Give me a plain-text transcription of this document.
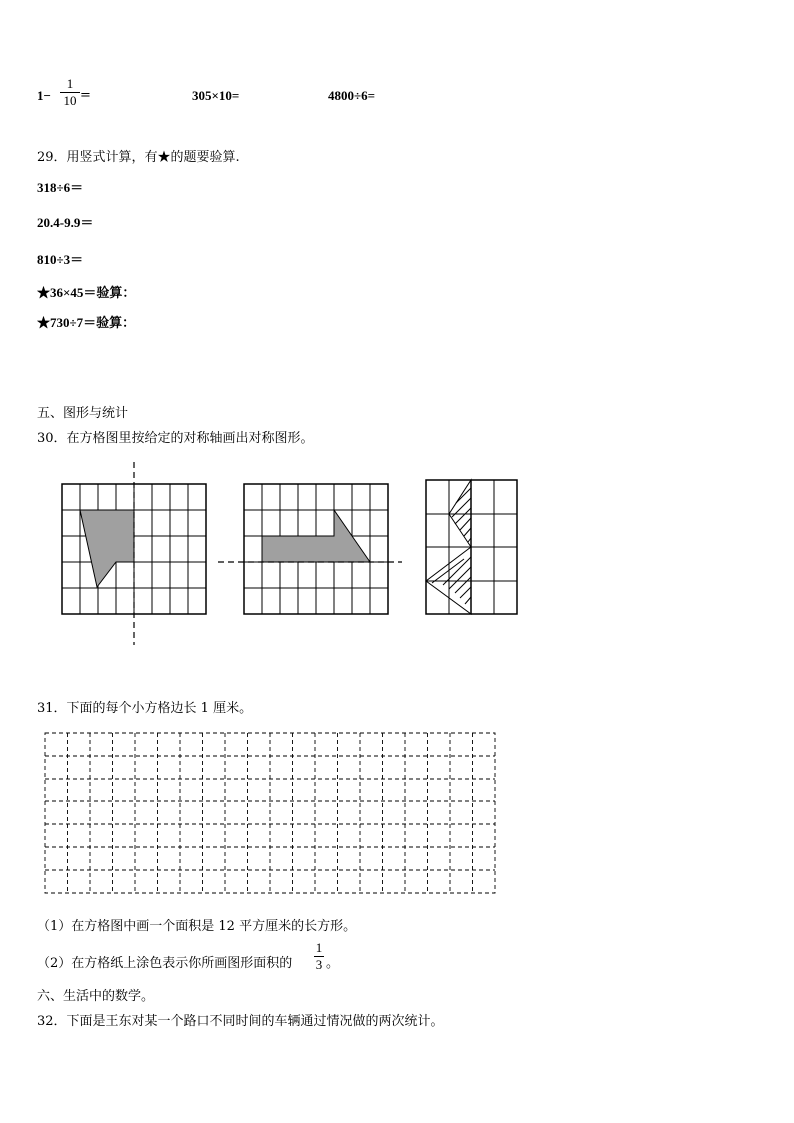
1−
1
10 =	305×10=	4800÷6=
29．用竖式计算，有★的题要验算.
318÷6＝
20.4-9.9＝
810÷3＝
★36×45＝验算：
★730÷7＝验算：
五、图形与统计
30．在方格图里按给定的对称轴画出对称图形。
31．下面的每个小方格边长 1 厘米。
（1）在方格图中画一个面积是 12 平方厘米的长方形。
（2）在方格纸上涂色表示你所画图形面积的
1
3 。
六、生活中的数学。
32．下面是王东对某一个路口不同时间的车辆通过情况做的两次统计。
